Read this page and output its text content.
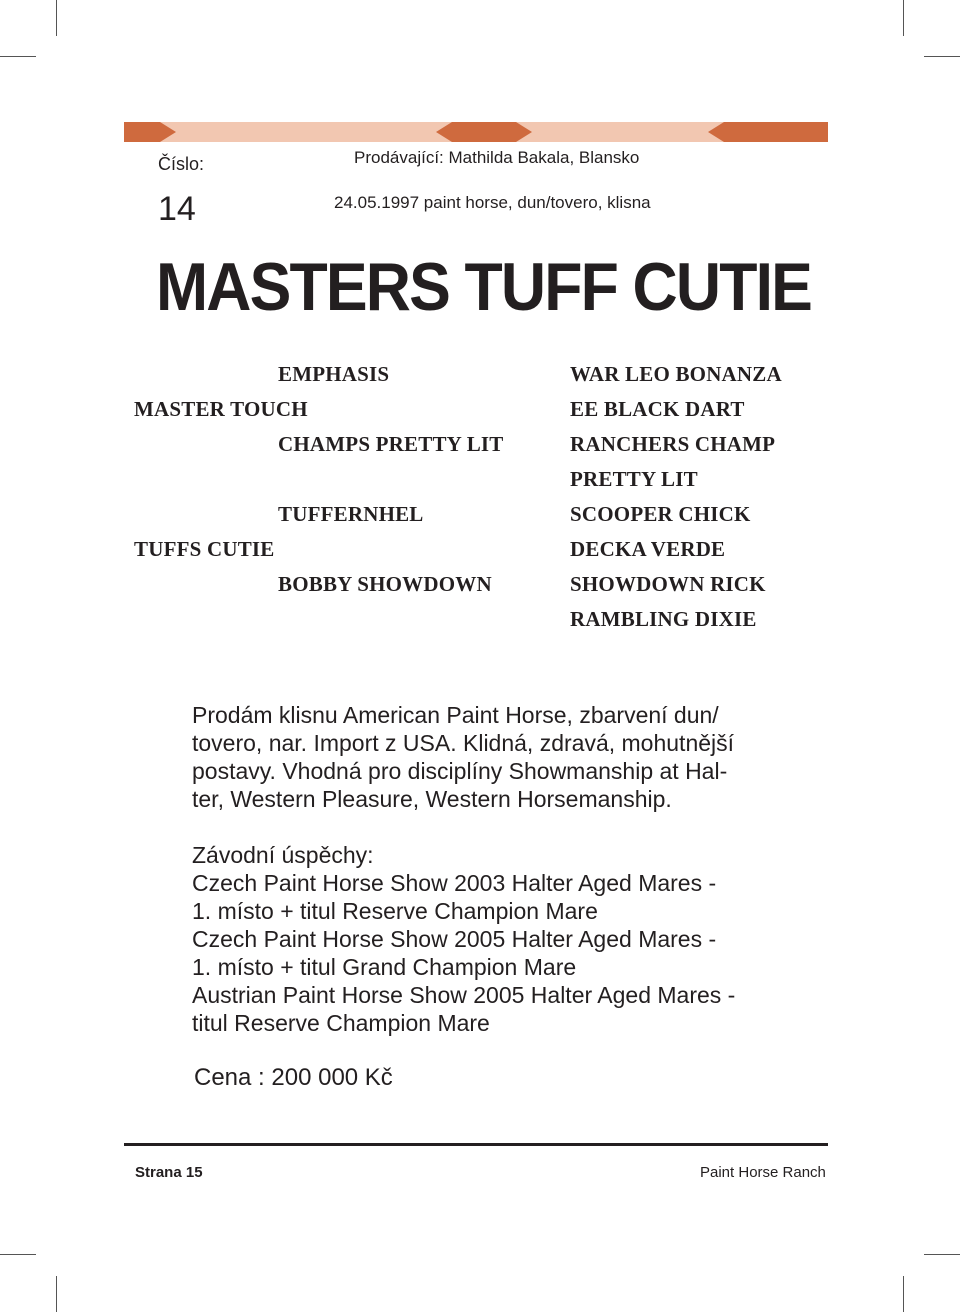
Číslo:
14
Prodávající: Mathilda Bakala, Blansko
24.05.1997 paint horse, dun/tovero, klisna
MASTERS TUFF CUTIE
EMPHASIS
MASTER TOUCH
CHAMPS PRETTY LIT
TUFFERNHEL
TUFFS CUTIE
BOBBY SHOWDOWN
WAR LEO BONANZA
EE BLACK DART
RANCHERS CHAMP
PRETTY LIT
SCOOPER CHICK
DECKA VERDE
SHOWDOWN RICK
RAMBLING DIXIE
Prodám klisnu American Paint Horse, zbarvení dun/
tovero, nar. Import z USA. Klidná, zdravá, mohutnější
postavy. Vhodná pro disciplíny Showmanship at Hal-
ter, Western Pleasure, Western Horsemanship.
Závodní úspěchy:
Czech Paint Horse Show 2003 Halter Aged Mares -
1. místo + titul Reserve Champion Mare
Czech Paint Horse Show 2005 Halter Aged Mares -
1. místo + titul Grand Champion Mare
Austrian Paint Horse Show 2005 Halter Aged Mares -
titul Reserve Champion Mare
Cena : 200 000 Kč
Strana 15	Paint Horse Ranch
